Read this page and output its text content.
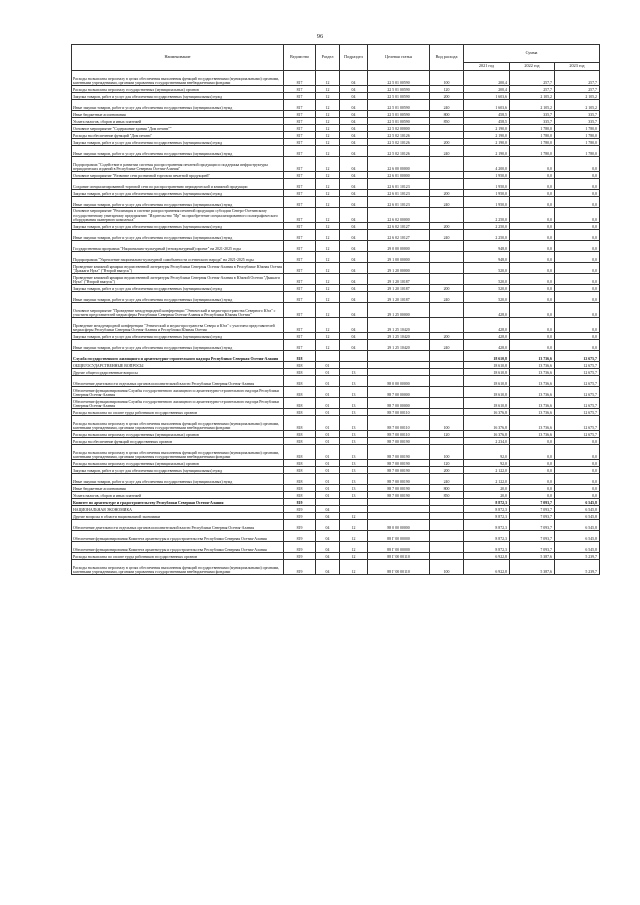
96
Наименование	Ведомство	Раздел	Подраздел	Целевая статья	Вид расхода	Сумма		
						2021 год	2022 год	2023 год
Расходы на выплаты персоналу в целях обеспечения выполнения функций государственными (муниципальными) органами, казенными учреждениями, органами управления государственными внебюджетными фондами	817	12	04	22 5 01 00590	100	200,4	257,7	257,7
Расходы на выплаты персоналу государственных (муниципальных) органов	817	12	04	22 5 01 00590	120	200,4	257,7	257,7
Закупка товаров, работ и услуг для обеспечения государственных (муниципальных) нужд	817	12	04	22 5 01 00590	200	1 603,6	2 105,2	2 105,2
Иные закупки товаров, работ и услуг для обеспечения государственных (муниципальных) нужд	817	12	04	22 5 01 00590	240	1 603,6	2 105,2	2 105,2
Иные бюджетные ассигнования	817	12	04	22 5 01 00590	800	458,5	335,7	335,7
Уплата налогов, сборов и иных платежей	817	12	04	22 5 01 00590	850	458,5	335,7	335,7
Основное мероприятие "Содержание здания "Дом печати""	817	12	04	22 5 02 00000		2 190,0	1 780,0	1 780,0
Расходы на обеспечение функций "Дом печати"	817	12	04	22 5 02 10126		2 190,0	1 780,0	1 780,0
Закупка товаров, работ и услуг для обеспечения государственных (муниципальных) нужд	817	12	04	22 5 02 10126	200	2 190,0	1 780,0	1 780,0
Иные закупки товаров, работ и услуг для обеспечения государственных (муниципальных) нужд	817	12	04	22 5 02 10126	240	2 190,0	1 780,0	1 780,0
Подпрограмма "Содействие в развитии системы распространения печатной продукции и поддержка инфраструктуры периодических изданий в Республике Северная Осетия-Алания"	817	12	04	22 6 00 00000		4 200,0	0,0	0,0
Основное мероприятие "Развитие сети розничной торговли печатной продукцией"	817	12	04	22 6 01 00000		1 950,0	0,0	0,0
Создание специализированной торговой сети по распространению периодической и книжной продукции	817	12	04	22 6 01 10123		1 950,0	0,0	0,0
Закупка товаров, работ и услуг для обеспечения государственных (муниципальных) нужд	817	12	04	22 6 01 10123	200	1 950,0	0,0	0,0
Иные закупки товаров, работ и услуг для обеспечения государственных (муниципальных) нужд	817	12	04	22 6 01 10123	240	1 950,0	0,0	0,0
Основное мероприятие "Реализация в системе распространения печатной продукции субсидии Северо-Осетинскому государственному унитарному предприятию "Издательство "Ир" на приобретение специализированного полиграфического оборудования сканерного комплекса"	817	12	04	22 6 02 00000		2 250,0	0,0	0,0
Закупка товаров, работ и услуг для обеспечения государственных (муниципальных) нужд	817	12	04	22 6 02 10127	200	2 250,0	0,0	0,0
Иные закупки товаров, работ и услуг для обеспечения государственных (муниципальных) нужд	817	12	04	22 6 02 10127	240	2 250,0	0,0	0,0
Государственная программа "Национально-культурный (этнокультурный) проект" на 2021-2025 годы	817	12	04	29 0 00 00000		948,0	0,0	0,0
Подпрограмма "Укрепление национально-культурной самобытности осетинского народа" на 2021-2025 годы	817	12	04	29 1 00 00000		948,0	0,0	0,0
Проведение книжной ярмарки ведомственной литературы Республики Северная Осетия-Алания в Республике Южная Осетия "Дыккаги Нуал" ("Второй выпуск")	817	12	04	29 1 20 00000		520,0	0,0	0,0
Проведение книжной ярмарки ведомственной литературы Республики Северная Осетия-Алания в Южной Осетии "Дыккаги Нуал" ("Второй выпуск")	817	12	04	29 1 20 10187		520,0	0,0	0,0
Закупка товаров, работ и услуг для обеспечения государственных (муниципальных) нужд	817	12	04	29 1 20 10187	200	520,0	0,0	0,0
Иные закупки товаров, работ и услуг для обеспечения государственных (муниципальных) нужд	817	12	04	29 1 20 10187	240	520,0	0,0	0,0
Основное мероприятие "Проведение международной конференции "Этнический и медиа-пространства Северного Юга" с участием представителей медиасферы Республики Северная Осетия-Алания и Республики Южная Осетия"	817	12	04	29 1 25 00000		428,0	0,0	0,0
Проведение международной конференции "Этнический и медиа-пространства Севера и Юга" с участием представителей медиасферы Республики Северная Осетия-Алания и Республики Южная Осетия	817	12	04	29 1 25 10420		428,0	0,0	0,0
Закупка товаров, работ и услуг для обеспечения государственных (муниципальных) нужд	817	12	04	29 1 25 10420	200	428,0	0,0	0,0
Иные закупки товаров, работ и услуг для обеспечения государственных (муниципальных) нужд	817	12	04	29 1 25 10420	240	428,0	0,0	0,0
Служба государственного жилищного и архитектурно-строительного надзора Республики Северная Осетия-Алания	818					18 610,8	13 736,6	12 675,7
ОБЩЕГОСУДАРСТВЕННЫЕ ВОПРОСЫ	818	01				18 610,8	13 736,6	12 675,7
Другие общегосударственные вопросы	818	01	13			18 610,8	13 736,6	12 675,7
Обеспечение деятельности отдельных органов исполнительной власти Республики Северная Осетия-Алания	818	01	13	88 0 00 00000		18 610,8	13 736,6	12 675,7
Обеспечение функционирования Службы государственного жилищного и архитектурно-строительного надзора Республики Северная Осетия-Алания	818	01	13	88 7 00 00000		18 610,8	13 736,6	12 675,7
Обеспечение функционирования Службы государственного жилищного и архитектурно-строительного надзора Республики Северная Осетия-Алания	818	01	13	88 7 00 00000		18 610,8	13 736,6	12 675,7
Расходы на выплаты по оплате труда работников государственных органов	818	01	13	88 7 00 00110		16 376,8	13 736,6	12 675,7
Расходы на выплаты персоналу в целях обеспечения выполнения функций государственными (муниципальными) органами, казенными учреждениями, органами управления государственными внебюджетными фондами	818	01	13	88 7 00 00110	100	16 376,8	13 736,6	12 675,7
Расходы на выплаты персоналу государственных (муниципальных) органов	818	01	13	88 7 00 00110	120	16 376,8	13 736,6	12 675,7
Расходы на обеспечение функций государственных органов	818	01	13	88 7 00 00190		2 234,0	0,0	0,0
Расходы на выплаты персоналу в целях обеспечения выполнения функций государственными (муниципальными) органами, казенными учреждениями, органами управления государственными внебюджетными фондами	818	01	13	88 7 00 00190	100	92,0	0,0	0,0
Расходы на выплаты персоналу государственных (муниципальных) органов	818	01	13	88 7 00 00190	120	92,0	0,0	0,0
Закупка товаров, работ и услуг для обеспечения государственных (муниципальных) нужд	818	01	13	88 7 00 00190	200	2 122,0	0,0	0,0
Иные закупки товаров, работ и услуг для обеспечения государственных (муниципальных) нужд	818	01	13	88 7 00 00190	240	2 122,0	0,0	0,0
Иные бюджетные ассигнования	818	01	13	88 7 00 00190	800	20,0	0,0	0,0
Уплата налогов, сборов и иных платежей	818	01	13	88 7 00 00190	850	20,0	0,0	0,0
Комитет по архитектуре и градостроительству Республики Северная Осетия-Алания	819					8 872,3	7 093,7	6 545,8
НАЦИОНАЛЬНАЯ ЭКОНОМИКА	819	04				8 872,3	7 093,7	6 545,8
Другие вопросы в области национальной экономики	819	04	12			8 872,3	7 093,7	6 545,8
Обеспечение деятельности отдельных органов исполнительной власти Республики Северная Осетия-Алания	819	04	12	88 0 00 00000		8 872,3	7 093,7	6 545,8
Обеспечение функционирования Комитета архитектуры и градостроительства Республики Северная Осетия-Алания	819	04	12	88 Г 00 00000		8 872,3	7 093,7	6 545,8
Обеспечение функционирования Комитета архитектуры и градостроительства Республики Северная Осетия-Алания	819	04	12	88 Г 00 00000		8 872,3	7 093,7	6 545,8
Расходы на выплаты по оплате труда работников государственных органов	819	04	12	88 Г 00 00110		6 922,8	5 387,6	5 239,7
Расходы на выплаты персоналу в целях обеспечения выполнения функций государственными (муниципальными) органами, казенными учреждениями, органами управления государственными внебюджетными фондами	819	04	12	88 Г 00 00110	100	6 922,8	5 387,6	5 239,7
